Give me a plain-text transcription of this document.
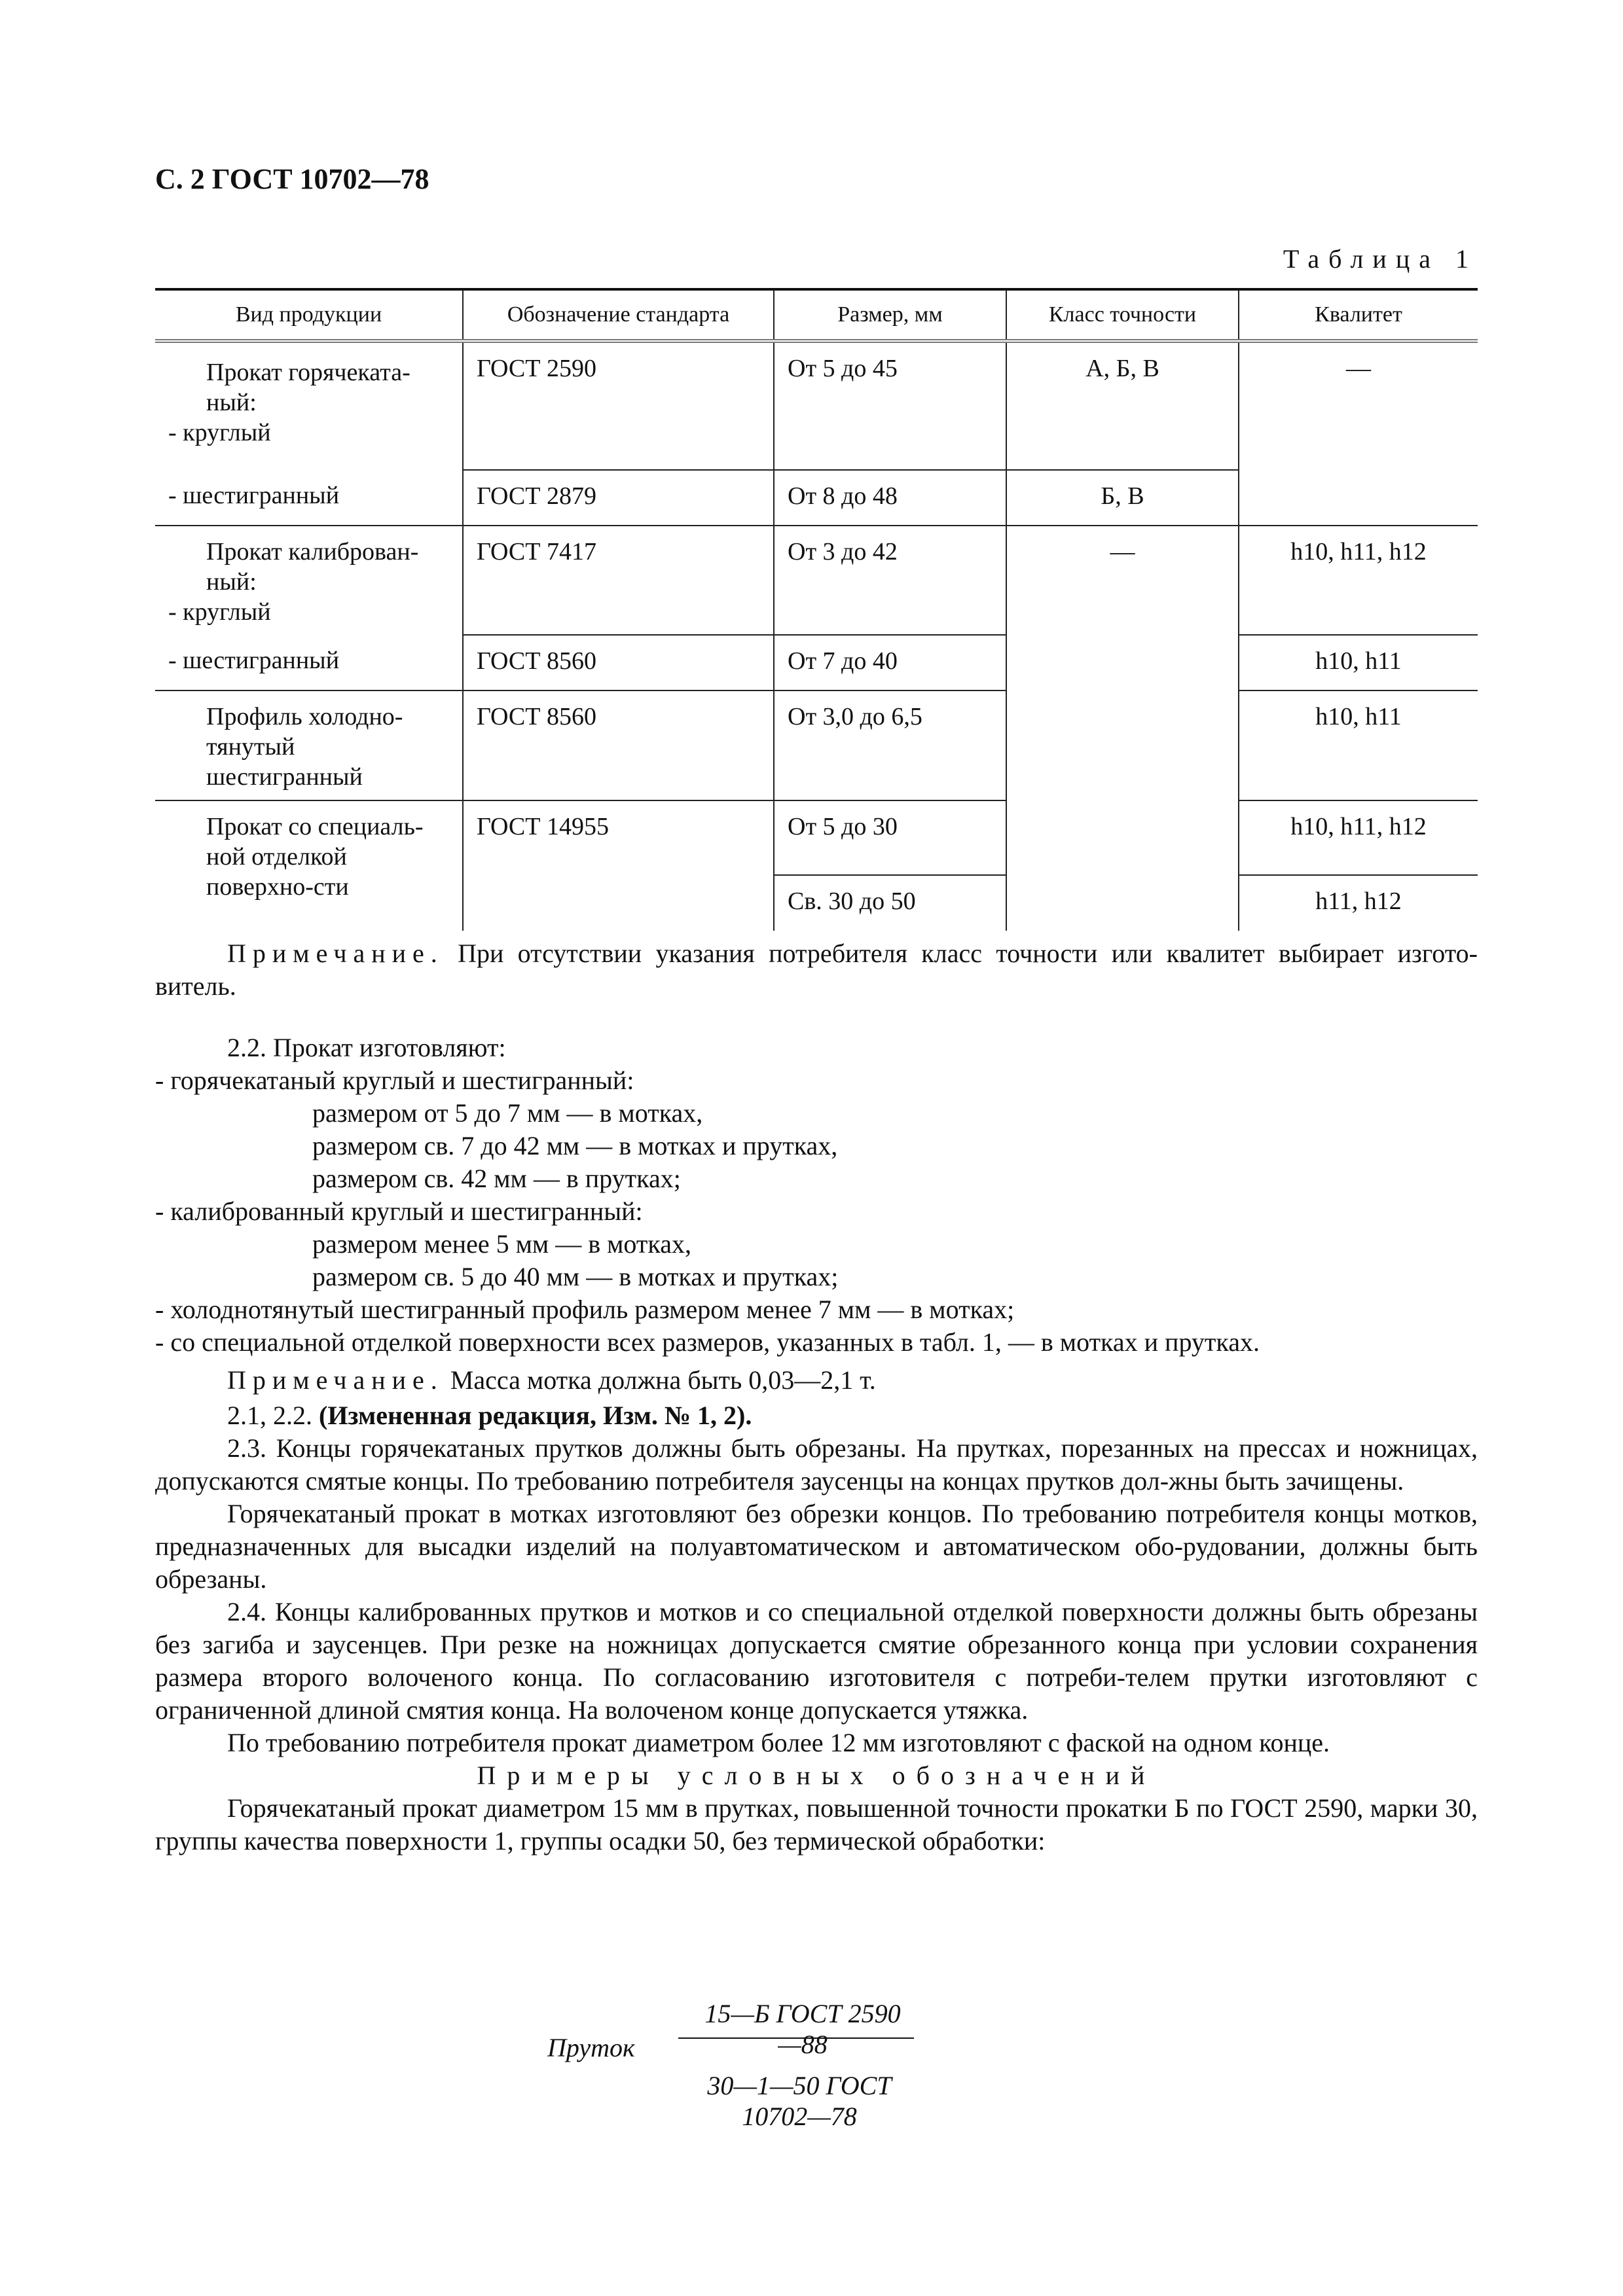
С. 2 ГОСТ 10702—78
Таблица 1
Вид продукции	Обозначение стандарта	Размер, мм	Класс точности	Квалитет

Прокат горячеката-ный:
- круглый	ГОСТ 2590	От 5 до 45	А, Б, В	—
- шестигранный	ГОСТ 2879	От 8 до 48	Б, В	

Прокат калиброван-ный:
- круглый	ГОСТ 7417	От 3 до 42	—	h10, h11, h12
- шестигранный	ГОСТ 8560	От 7 до 40		h10, h11

Профиль холодно-тянутый шестигранный	ГОСТ 8560	От 3,0 до 6,5		h10, h11

Прокат со специаль-ной отделкой поверхно-сти	ГОСТ 14955	От 5 до 30		h10, h11, h12
		Св. 30 до 50		h11, h12

Примечание. При отсутствии указания потребителя класс точности или квалитет выбирает изгото-витель.

2.2. Прокат изготовляют:

- горячекатаный круглый и шестигранный:

размером от 5 до 7 мм — в мотках,

размером св. 7 до 42 мм — в мотках и прутках,

размером св. 42 мм — в прутках;

- калиброванный круглый и шестигранный:

размером менее 5 мм — в мотках,

размером св. 5 до 40 мм — в мотках и прутках;

- холоднотянутый шестигранный профиль размером менее 7 мм — в мотках;

- со специальной отделкой поверхности всех размеров, указанных в табл. 1, — в мотках и прутках.

Примечание. Масса мотка должна быть 0,03—2,1 т.

2.1, 2.2. (Измененная редакция, Изм. № 1, 2).

2.3. Концы горячекатаных прутков должны быть обрезаны. На прутках, порезанных на прессах и ножницах, допускаются смятые концы. По требованию потребителя заусенцы на концах прутков дол-жны быть зачищены.

Горячекатаный прокат в мотках изготовляют без обрезки концов. По требованию потребителя концы мотков, предназначенных для высадки изделий на полуавтоматическом и автоматическом обо-рудовании, должны быть обрезаны.

2.4. Концы калиброванных прутков и мотков и со специальной отделкой поверхности должны быть обрезаны без загиба и заусенцев. При резке на ножницах допускается смятие обрезанного конца при условии сохранения размера второго волоченого конца. По согласованию изготовителя с потреби-телем прутки изготовляют с ограниченной длиной смятия конца. На волоченом конце допускается утяжка.

По требованию потребителя прокат диаметром более 12 мм изготовляют с фаской на одном конце.

Примеры условных обозначений

Горячекатаный прокат диаметром 15 мм в прутках, повышенной точности прокатки Б по ГОСТ 2590, марки 30, группы качества поверхности 1, группы осадки 50, без термической обработки:

Пруток
15—Б ГОСТ 2590—88
30—1—50 ГОСТ 10702—78
